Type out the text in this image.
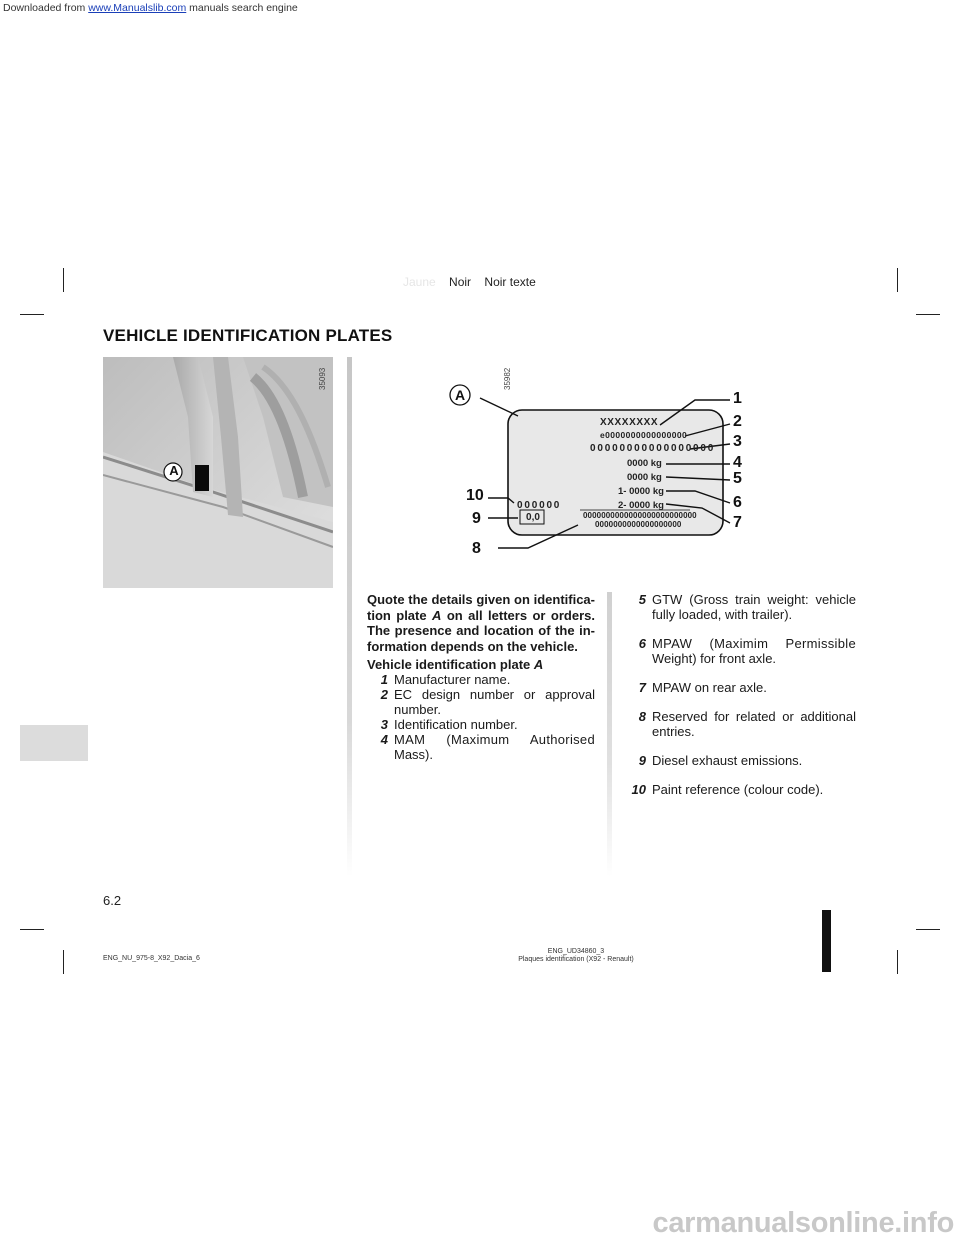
Downloaded from www.Manualslib.com manuals search engine
Jaune Noir Noir texte
VEHICLE IDENTIFICATION PLATES
A
35093	35982
XXXXXXXX
e0000000000000000
00000000000000000
0000 kg
0000 kg
1- 0000 kg
2- 0000 kg
0000000000000000000000000
0000000000000000000
000000
0,0
A	1
2
3
4
5
6
7
8
9
10
Quote the details given on identifica-
tion plate A on all letters or orders.
The presence and location of the in-
formation depends on the vehicle.
Vehicle identification plate A
1 Manufacturer name.
2 EC design number or approval
number.
3 Identification number.
4 MAM (Maximum Authorised
Mass).
5 GTW (Gross train weight: vehicle
fully loaded, with trailer).
6 MPAW (Maximim Permissible
Weight) for front axle.
7 MPAW on rear axle.
8 Reserved for related or additional
entries.
9 Diesel exhaust emissions.
10 Paint reference (colour code).
6.2
ENG_NU_975-8_X92_Dacia_6
ENG_UD34860_3
Plaques identification (X92 - Renault)
carmanualsonline.info
